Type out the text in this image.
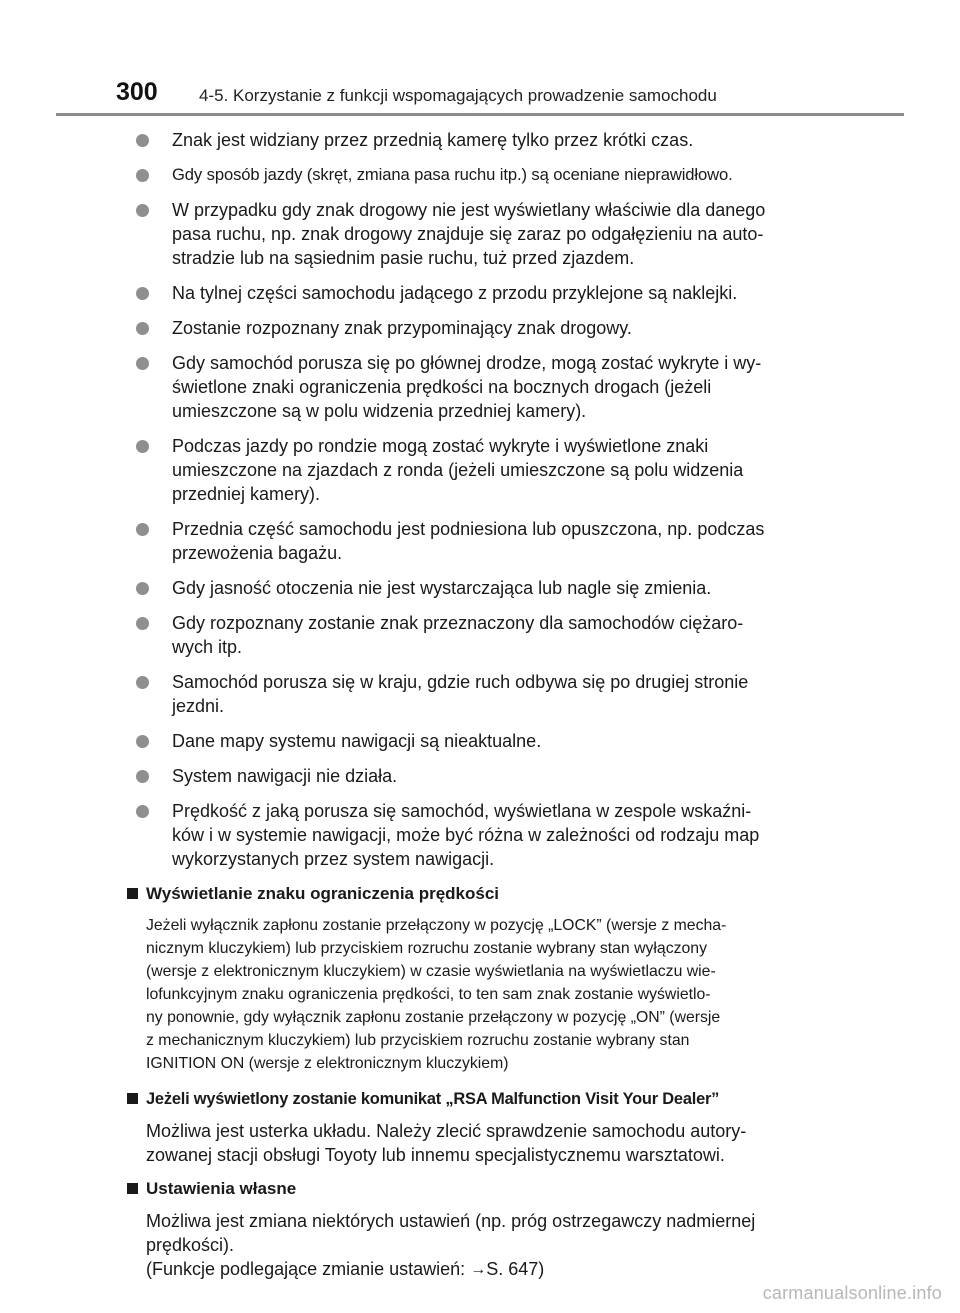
300 4-5. Korzystanie z funkcji wspomagających prowadzenie samochodu
Znak jest widziany przez przednią kamerę tylko przez krótki czas.
Gdy sposób jazdy (skręt, zmiana pasa ruchu itp.) są oceniane nieprawidłowo.
W przypadku gdy znak drogowy nie jest wyświetlany właściwie dla danego
pasa ruchu, np. znak drogowy znajduje się zaraz po odgałęzieniu na auto-
stradzie lub na sąsiednim pasie ruchu, tuż przed zjazdem.
Na tylnej części samochodu jadącego z przodu przyklejone są naklejki.
Zostanie rozpoznany znak przypominający znak drogowy.
Gdy samochód porusza się po głównej drodze, mogą zostać wykryte i wy-
świetlone znaki ograniczenia prędkości na bocznych drogach (jeżeli
umieszczone są w polu widzenia przedniej kamery).
Podczas jazdy po rondzie mogą zostać wykryte i wyświetlone znaki
umieszczone na zjazdach z ronda (jeżeli umieszczone są polu widzenia
przedniej kamery).
Przednia część samochodu jest podniesiona lub opuszczona, np. podczas
przewożenia bagażu.
Gdy jasność otoczenia nie jest wystarczająca lub nagle się zmienia.
Gdy rozpoznany zostanie znak przeznaczony dla samochodów ciężaro-
wych itp.
Samochód porusza się w kraju, gdzie ruch odbywa się po drugiej stronie
jezdni.
Dane mapy systemu nawigacji są nieaktualne.
System nawigacji nie działa.
Prędkość z jaką porusza się samochód, wyświetlana w zespole wskaźni-
ków i w systemie nawigacji, może być różna w zależności od rodzaju map
wykorzystanych przez system nawigacji.
Wyświetlanie znaku ograniczenia prędkości
Jeżeli wyłącznik zapłonu zostanie przełączony w pozycję „LOCK” (wersje z mecha-
nicznym kluczykiem) lub przyciskiem rozruchu zostanie wybrany stan wyłączony
(wersje z elektronicznym kluczykiem) w czasie wyświetlania na wyświetlaczu wie-
lofunkcyjnym znaku ograniczenia prędkości, to ten sam znak zostanie wyświetlo-
ny ponownie, gdy wyłącznik zapłonu zostanie przełączony w pozycję „ON” (wersje
z mechanicznym kluczykiem) lub przyciskiem rozruchu zostanie wybrany stan
IGNITION ON (wersje z elektronicznym kluczykiem)
Jeżeli wyświetlony zostanie komunikat „RSA Malfunction Visit Your Dealer”
Możliwa jest usterka układu. Należy zlecić sprawdzenie samochodu autory-
zowanej stacji obsługi Toyoty lub innemu specjalistycznemu warsztatowi.
Ustawienia własne
Możliwa jest zmiana niektórych ustawień (np. próg ostrzegawczy nadmiernej
prędkości).
(Funkcje podlegające zmianie ustawień: →S. 647)
carmanualsonline.info
